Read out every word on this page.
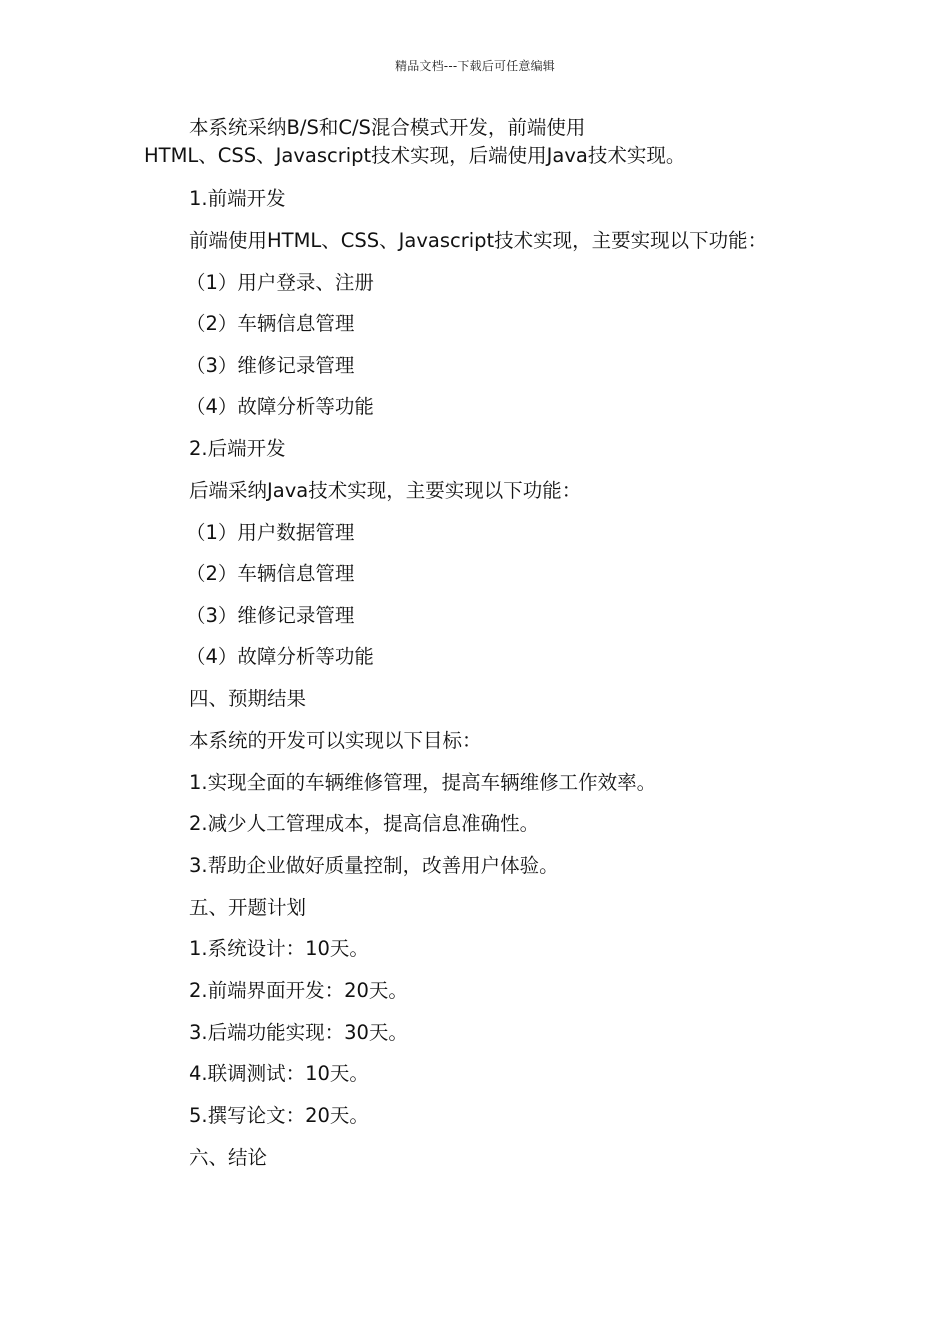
精品文档---下载后可任意编辑
本系统采纳B/S和C/S混合模式开发，前端使用
HTML、CSS、Javascript技术实现，后端使用Java技术实现。
1.前端开发
前端使用HTML、CSS、Javascript技术实现，主要实现以下功能：
（1）用户登录、注册
（2）车辆信息管理
（3）维修记录管理
（4）故障分析等功能
2.后端开发
后端采纳Java技术实现，主要实现以下功能：
（1）用户数据管理
（2）车辆信息管理
（3）维修记录管理
（4）故障分析等功能
四、预期结果
本系统的开发可以实现以下目标：
1.实现全面的车辆维修管理，提高车辆维修工作效率。
2.减少人工管理成本，提高信息准确性。
3.帮助企业做好质量控制，改善用户体验。
五、开题计划
1.系统设计：10天。
2.前端界面开发：20天。
3.后端功能实现：30天。
4.联调测试：10天。
5.撰写论文：20天。
六、结论
